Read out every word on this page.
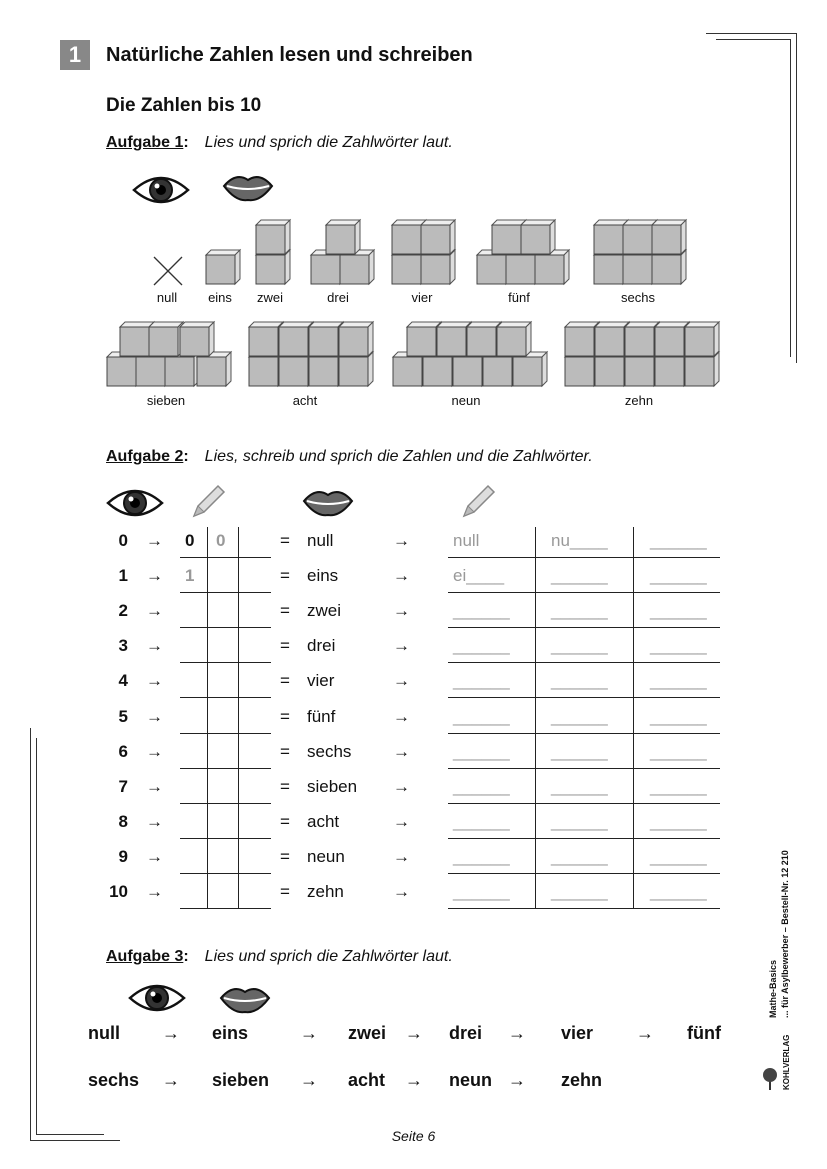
1	Natürliche Zahlen lesen und schreiben
Die Zahlen bis 10
Aufgabe 1: Lies und sprich die Zahlwörter laut.
null	eins	zwei	drei	vier	fünf	sechs
sieben	acht	neun	zehn
Aufgabe 2: Lies, schreib und sprich die Zahlen und die Zahlwörter.
0 → 0 0	= null	→	null	nu____ ______
1 → 1	= eins	→	ei____	______ ______
2 →	= zwei	→	______ ______ ______
3 →	= drei	→	______ ______ ______
4 →	= vier	→	______ ______ ______
5 →	= fünf	→	______ ______ ______
6 →	= sechs →	______ ______ ______
7 →	= sieben →	______ ______ ______
8 →	= acht	→	______ ______ ______
9 →	= neun	→	______ ______ ______
10 →	= zehn	→	______ ______ ______
Aufgabe 3: Lies und sprich die Zahlwörter laut.
null → eins	→ zwei → drei → vier → fünf
sechs → sieben → acht → neun → zehn
Mathe-Basics ... für Asylbewerber – Bestell-Nr. 12 210
KOHLVERLAG
Seite 6
